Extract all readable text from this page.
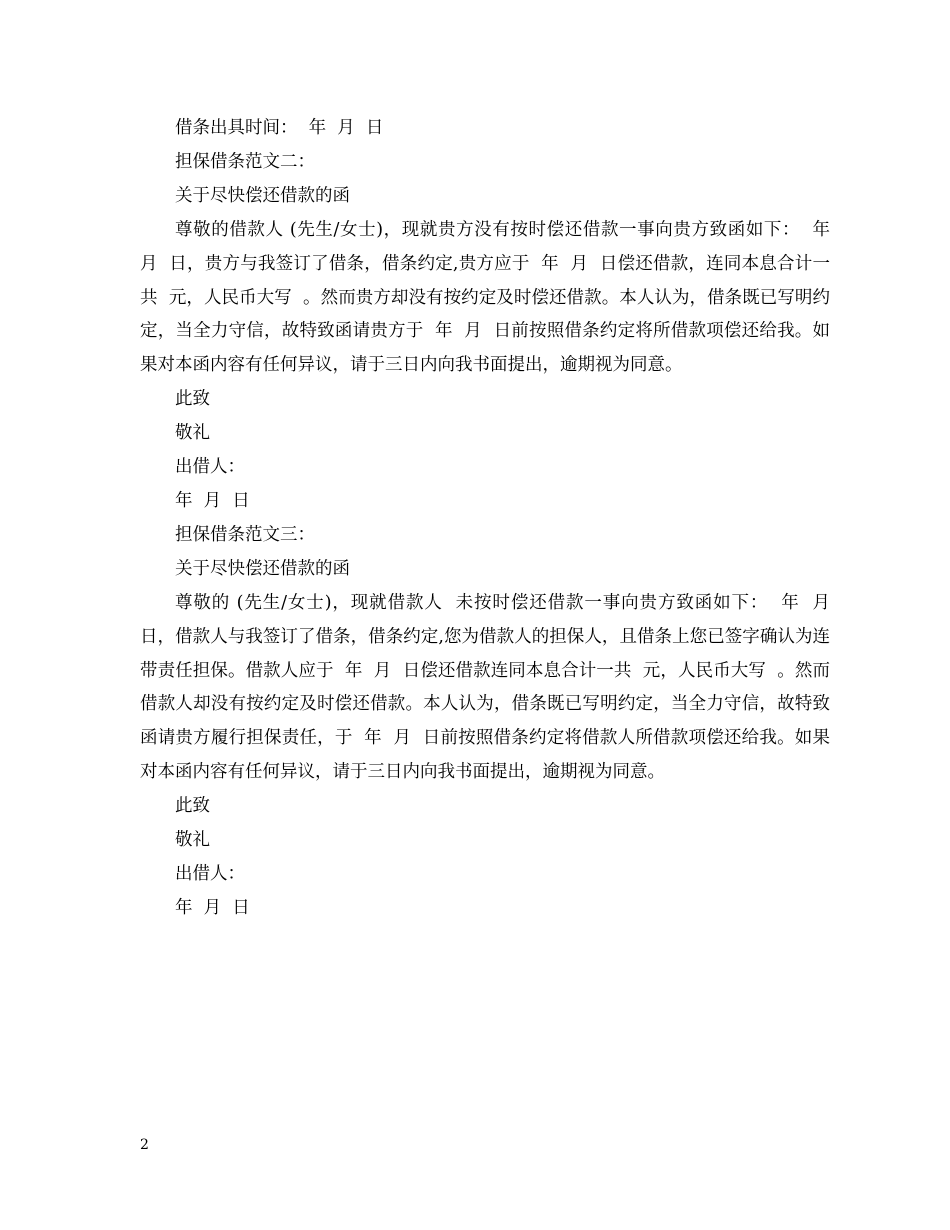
借条出具时间：  年  月  日

担保借条范文二：

关于尽快偿还借款的函

尊敬的借款人 (先生/女士)，现就贵方没有按时偿还借款一事向贵方致函如下：  年  月  日，贵方与我签订了借条，借条约定,贵方应于  年  月  日偿还借款，连同本息合计一共  元，人民币大写  。然而贵方却没有按约定及时偿还借款。本人认为，借条既已写明约定，当全力守信，故特致函请贵方于  年  月  日前按照借条约定将所借款项偿还给我。如果对本函内容有任何异议，请于三日内向我书面提出，逾期视为同意。

此致

敬礼

出借人：

年  月  日

担保借条范文三：

关于尽快偿还借款的函

尊敬的 (先生/女士)，现就借款人  未按时偿还借款一事向贵方致函如下：  年  月  日，借款人与我签订了借条，借条约定,您为借款人的担保人，且借条上您已签字确认为连带责任担保。借款人应于  年  月  日偿还借款连同本息合计一共  元，人民币大写  。然而借款人却没有按约定及时偿还借款。本人认为，借条既已写明约定，当全力守信，故特致函请贵方履行担保责任，于  年  月  日前按照借条约定将借款人所借款项偿还给我。如果对本函内容有任何异议，请于三日内向我书面提出，逾期视为同意。

此致

敬礼

出借人：

年  月  日

2
